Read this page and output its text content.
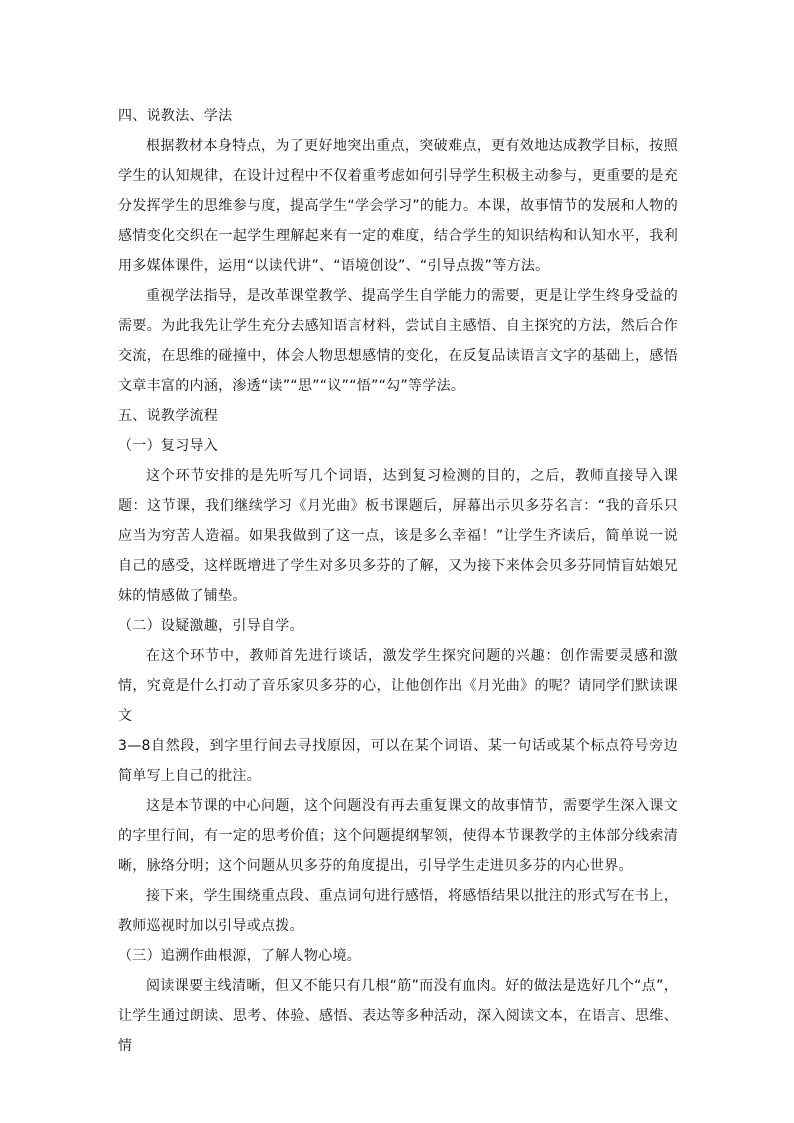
四、说教法、学法

根据教材本身特点，为了更好地突出重点，突破难点，更有效地达成教学目标，按照学生的认知规律，在设计过程中不仅着重考虑如何引导学生积极主动参与，更重要的是充分发挥学生的思维参与度，提高学生“学会学习”的能力。本课，故事情节的发展和人物的感情变化交织在一起学生理解起来有一定的难度，结合学生的知识结构和认知水平，我利用多媒体课件，运用“以读代讲”、“语境创设”、“引导点拨”等方法。

重视学法指导，是改革课堂教学、提高学生自学能力的需要，更是让学生终身受益的需要。为此我先让学生充分去感知语言材料，尝试自主感悟、自主探究的方法，然后合作交流，在思维的碰撞中，体会人物思想感情的变化，在反复品读语言文字的基础上，感悟文章丰富的内涵，渗透“读”“思”“议”“悟”“勾”等学法。

五、说教学流程

（一）复习导入

这个环节安排的是先听写几个词语，达到复习检测的目的，之后，教师直接导入课题：这节课，我们继续学习《月光曲》板书课题后，屏幕出示贝多芬名言：“我的音乐只应当为穷苦人造福。如果我做到了这一点，该是多么幸福！”让学生齐读后，简单说一说自己的感受，这样既增进了学生对多贝多芬的了解，又为接下来体会贝多芬同情盲姑娘兄妹的情感做了铺垫。

（二）设疑激趣，引导自学。

在这个环节中，教师首先进行谈话，激发学生探究问题的兴趣：创作需要灵感和激情，究竟是什么打动了音乐家贝多芬的心，让他创作出《月光曲》的呢？请同学们默读课文

3—8自然段，到字里行间去寻找原因，可以在某个词语、某一句话或某个标点符号旁边简单写上自己的批注。

这是本节课的中心问题，这个问题没有再去重复课文的故事情节，需要学生深入课文的字里行间，有一定的思考价值；这个问题提纲挈领，使得本节课教学的主体部分线索清晰，脉络分明；这个问题从贝多芬的角度提出，引导学生走进贝多芬的内心世界。

接下来，学生围绕重点段、重点词句进行感悟，将感悟结果以批注的形式写在书上，教师巡视时加以引导或点拨。

（三）追溯作曲根源，了解人物心境。

阅读课要主线清晰，但又不能只有几根“筋”而没有血肉。好的做法是选好几个“点”，让学生通过朗读、思考、体验、感悟、表达等多种活动，深入阅读文本，在语言、思维、情
